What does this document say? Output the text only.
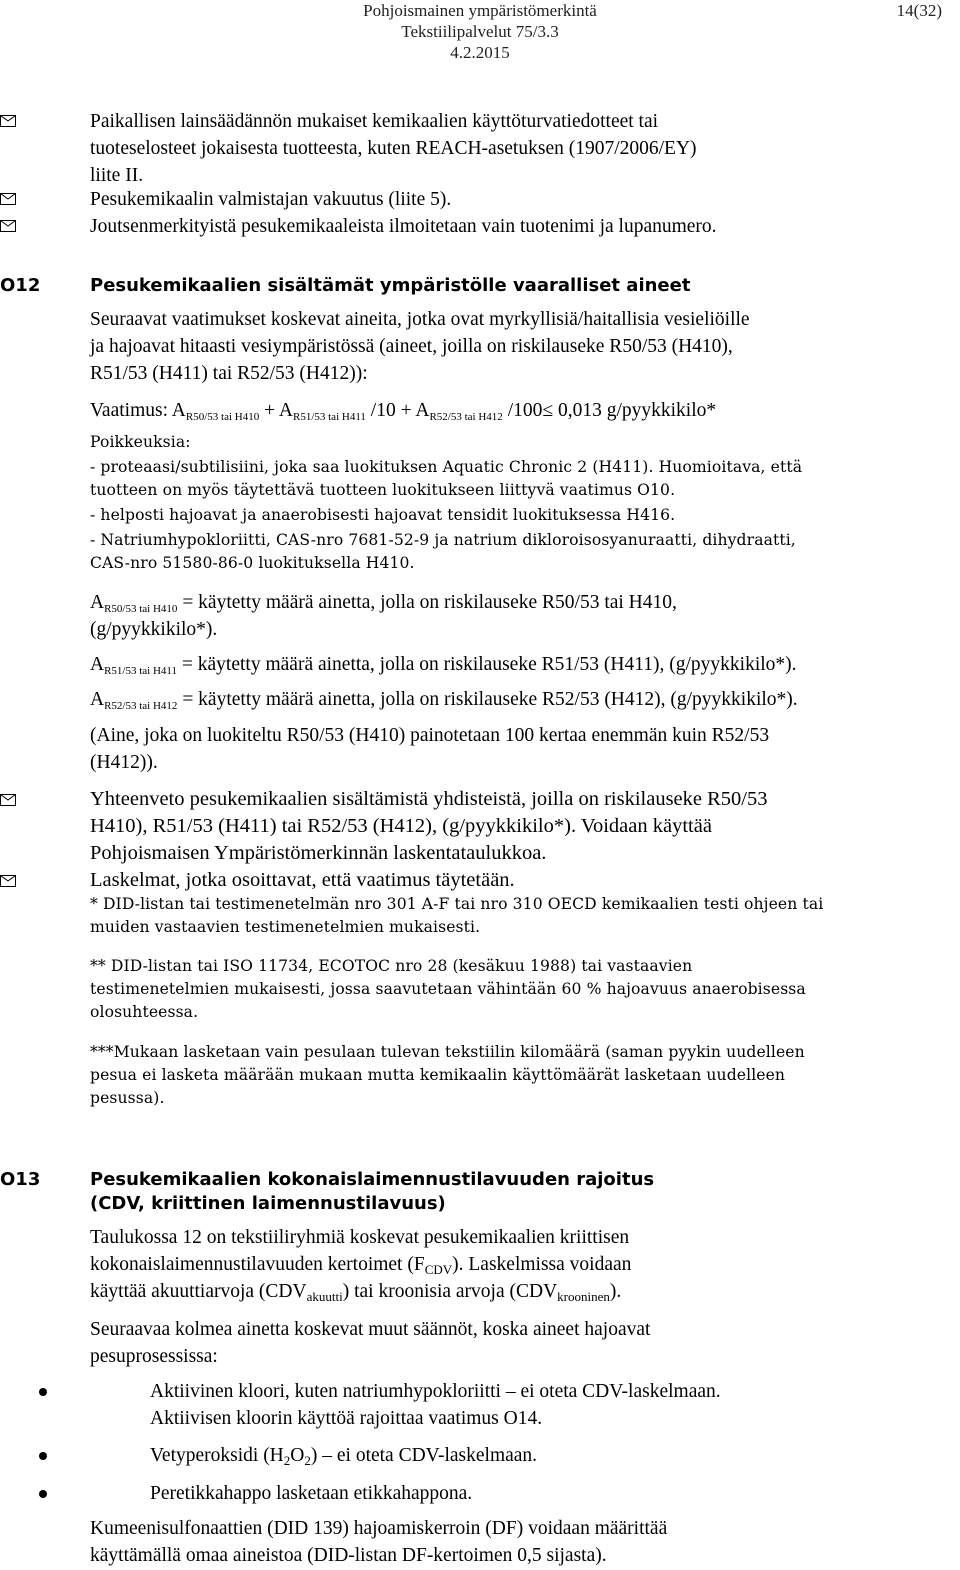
Pohjoismainen ympäristömerkintä
Tekstiilipalvelut 75/3.3
4.2.2015
14(32)
Paikallisen lainsäädännön mukaiset kemikaalien käyttöturvatiedotteet tai
tuoteselosteet jokaisesta tuotteesta, kuten REACH-asetuksen (1907/2006/EY)
liite II.
Pesukemikaalin valmistajan vakuutus (liite 5).
Joutsenmerkityistä pesukemikaaleista ilmoitetaan vain tuotenimi ja lupanumero.
O12	Pesukemikaalien sisältämät ympäristölle vaaralliset aineet
Seuraavat vaatimukset koskevat aineita, jotka ovat myrkyllisiä/haitallisia vesieliöille
ja hajoavat hitaasti vesiympäristössä (aineet, joilla on riskilauseke R50/53 (H410),
R51/53 (H411) tai R52/53 (H412)):
Vaatimus: $A_{R50/53 tai H410} + A_{R51/53 tai H411}$ $/10 + A_{R52/53 tai H412}$ /100≤ 0,013 g/pyykkikilo*
Poikkeuksia:
- proteaasi/subtilisiini, joka saa luokituksen Aquatic Chronic 2 (H411). Huomioitava, että
tuotteen on myös täytettävä tuotteen luokitukseen liittyvä vaatimus O10.
- helposti hajoavat ja anaerobisesti hajoavat tensidit luokituksessa H416.
- Natriumhypokloriitti, CAS-nro 7681-52-9 ja natrium dikloroisosyanuraatti, dihydraatti,
CAS-nro 51580-86-0 luokituksella H410.
$A_{R50/53 tai H410}$ = käytetty määrä ainetta, jolla on riskilauseke R50/53 tai H410,
(g/pyykkikilo*).
$A_{R51/53 tai H411}$ = käytetty määrä ainetta, jolla on riskilauseke R51/53 (H411), (g/pyykkikilo*).
$A_{R52/53 tai H412}$ = käytetty määrä ainetta, jolla on riskilauseke R52/53 (H412), (g/pyykkikilo*).
(Aine, joka on luokiteltu R50/53 (H410) painotetaan 100 kertaa enemmän kuin R52/53
(H412)).
Yhteenveto pesukemikaalien sisältämistä yhdisteistä, joilla on riskilauseke R50/53
H410), R51/53 (H411) tai R52/53 (H412), (g/pyykkikilo*). Voidaan käyttää
Pohjoismaisen Ympäristömerkinnän laskentataulukkoa.
Laskelmat, jotka osoittavat, että vaatimus täytetään.
* DID-listan tai testimenetelmän nro 301 A-F tai nro 310 OECD kemikaalien testi ohjeen tai
muiden vastaavien testimenetelmien mukaisesti.
** DID-listan tai ISO 11734, ECOTOC nro 28 (kesäkuu 1988) tai vastaavien
testimenetelmien mukaisesti, jossa saavutetaan vähintään 60 % hajoavuus anaerobisessa
olosuhteessa.
***Mukaan lasketaan vain pesulaan tulevan tekstiilin kilomäärä (saman pyykin uudelleen
pesua ei lasketa määrään mukaan mutta kemikaalin käyttömäärät lasketaan uudelleen
pesussa).
O13	Pesukemikaalien kokonaislaimennustilavuuden rajoitus
(CDV, kriittinen laimennustilavuus)
Taulukossa 12 on tekstiiliryhmiä koskevat pesukemikaalien kriittisen
kokonaislaimennustilavuuden kertoimet $(F_{CDV})$. Laskelmissa voidaan
käyttää akuuttiarvoja $(CDV_{akuutti})$ tai kroonisia arvoja $(CDV_{krooninen})$.
Seuraavaa kolmea ainetta koskevat muut säännöt, koska aineet hajoavat
pesuprosessissa:
Aktiivinen kloori, kuten natriumhypokloriitti – ei oteta CDV-laskelmaan.
Aktiivisen kloorin käyttöä rajoittaa vaatimus O14.
Vetyperoksidi $(H_2O_2)$ – ei oteta CDV-laskelmaan.
Peretikkahappo lasketaan etikkahappona.
Kumeenisulfonaattien (DID 139) hajoamiskerroin (DF) voidaan määrittää
käyttämällä omaa aineistoa (DID-listan DF-kertoimen 0,5 sijasta).
